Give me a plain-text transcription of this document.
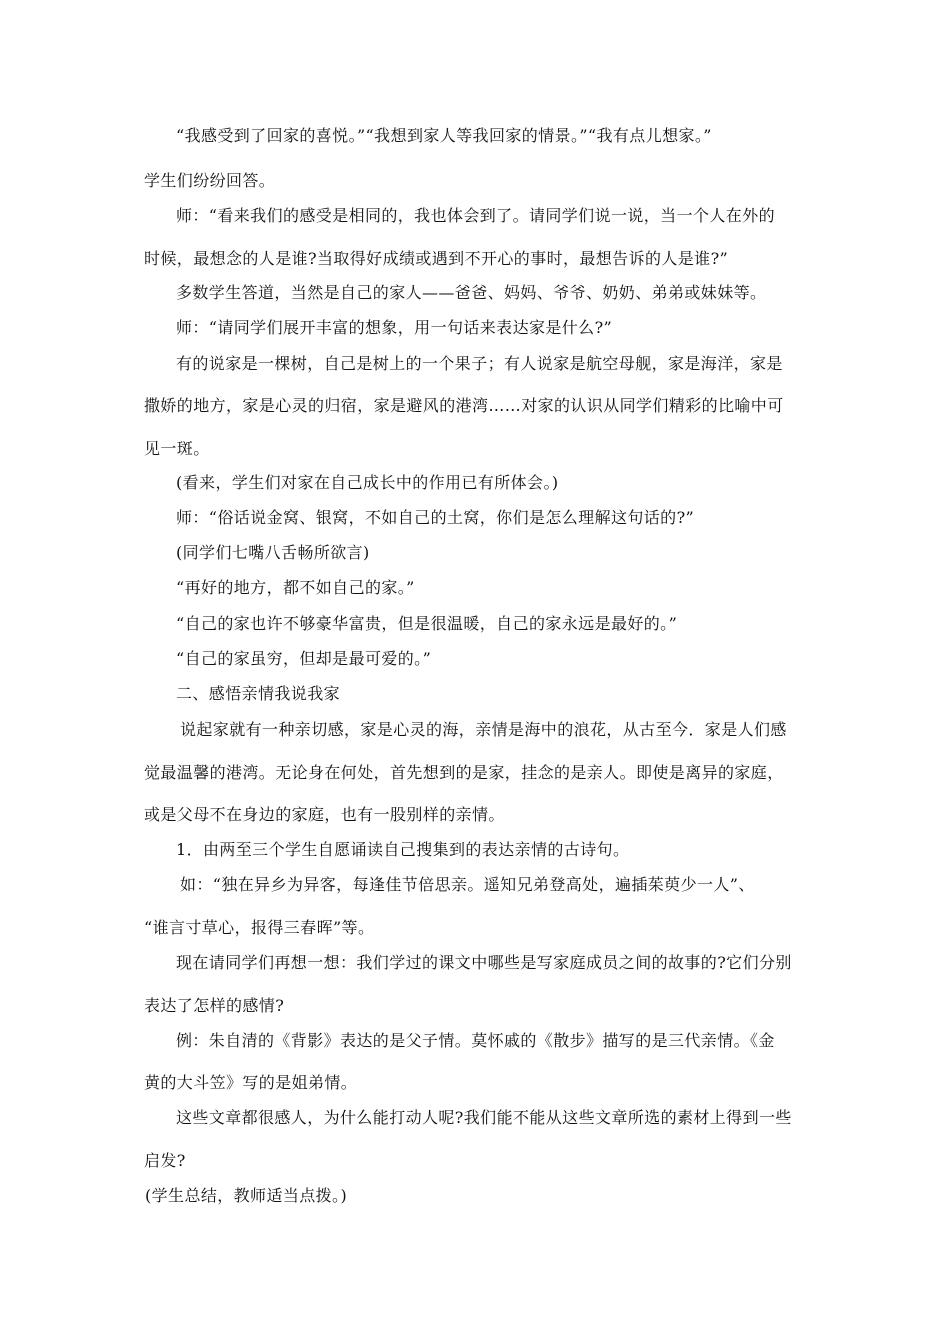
“我感受到了回家的喜悦。”“我想到家人等我回家的情景。”“我有点儿想家。”
学生们纷纷回答。
师：“看来我们的感受是相同的，我也体会到了。请同学们说一说，当一个人在外的
时候，最想念的人是谁?当取得好成绩或遇到不开心的事时，最想告诉的人是谁?”
多数学生答道，当然是自己的家人——爸爸、妈妈、爷爷、奶奶、弟弟或妹妹等。
师：“请同学们展开丰富的想象，用一句话来表达家是什么?”
有的说家是一棵树，自己是树上的一个果子；有人说家是航空母舰，家是海洋，家是
撒娇的地方，家是心灵的归宿，家是避风的港湾……对家的认识从同学们精彩的比喻中可
见一斑。
(看来，学生们对家在自己成长中的作用已有所体会。)
师：“俗话说金窝、银窝，不如自己的土窝，你们是怎么理解这句话的?”
(同学们七嘴八舌畅所欲言)
“再好的地方，都不如自己的家。”
“自己的家也许不够豪华富贵，但是很温暖，自己的家永远是最好的。”
“自己的家虽穷，但却是最可爱的。”
二、感悟亲情我说我家
说起家就有一种亲切感，家是心灵的海，亲情是海中的浪花，从古至今．家是人们感
觉最温馨的港湾。无论身在何处，首先想到的是家，挂念的是亲人。即使是离异的家庭，
或是父母不在身边的家庭，也有一股别样的亲情。
1．由两至三个学生自愿诵读自己搜集到的表达亲情的古诗句。
如：“独在异乡为异客，每逢佳节倍思亲。遥知兄弟登高处，遍插茱萸少一人”、
“谁言寸草心，报得三春晖”等。
现在请同学们再想一想：我们学过的课文中哪些是写家庭成员之间的故事的?它们分别
表达了怎样的感情?
例：朱自清的《背影》表达的是父子情。莫怀戚的《散步》描写的是三代亲情。《金
黄的大斗笠》写的是姐弟情。
这些文章都很感人，为什么能打动人呢?我们能不能从这些文章所选的素材上得到一些
启发?
(学生总结，教师适当点拨。)
